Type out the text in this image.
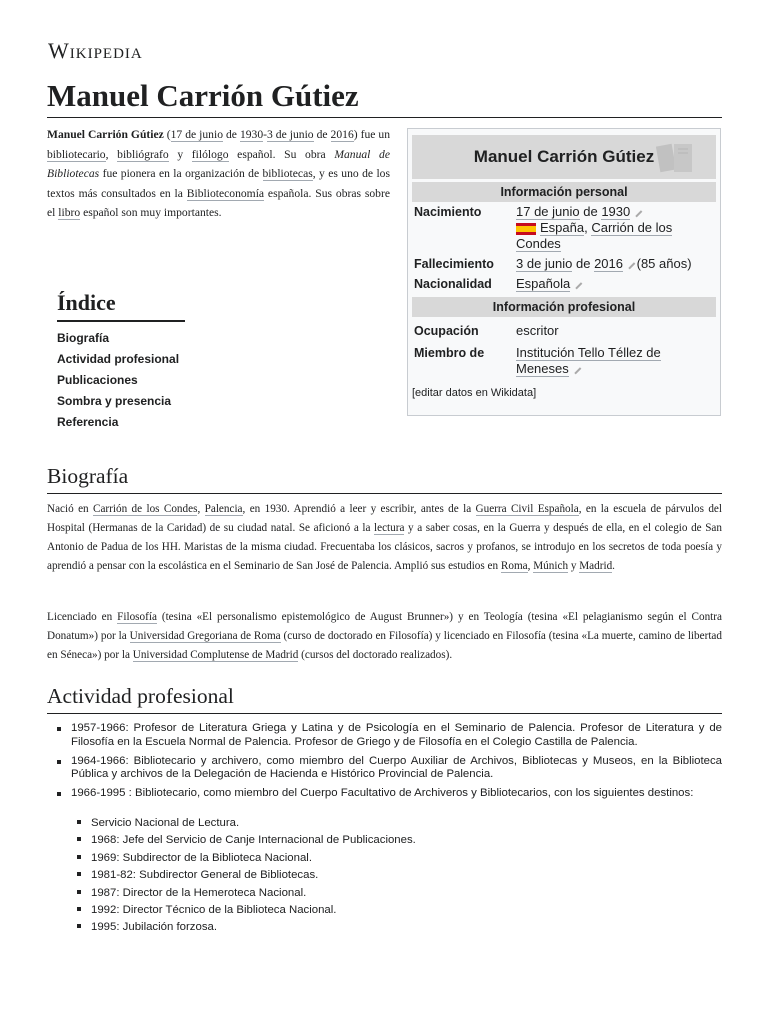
Wikipedia
Manuel Carrión Gútiez

Manuel Carrión Gútiez (17 de junio de 1930-3 de junio de 2016) fue un bibliotecario, bibliógrafo y filólogo español. Su obra Manual de Bibliotecas fue pionera en la organización de bibliotecas, y es uno de los textos más consultados en la Biblioteconomía española. Sus obras sobre el libro español son muy importantes.

Manuel Carrión Gútiez
Información personal
Nacimiento	17 de junio de 1930
España, Carrión de los Condes
Fallecimiento	3 de junio de 2016 (85 años)
Nacionalidad	Española
Información profesional
Ocupación	escritor
Miembro de	Institución Tello Téllez de Meneses
[editar datos en Wikidata]
Índice
Biografía
Actividad profesional
Publicaciones
Sombra y presencia
Referencia
Biografía

Nació en Carrión de los Condes, Palencia, en 1930. Aprendió a leer y escribir, antes de la Guerra Civil Española, en la escuela de párvulos del Hospital (Hermanas de la Caridad) de su ciudad natal. Se aficionó a la lectura y a saber cosas, en la Guerra y después de ella, en el colegio de San Antonio de Padua de los HH. Maristas de la misma ciudad. Frecuentaba los clásicos, sacros y profanos, se introdujo en los secretos de toda poesía y aprendió a pensar con la escolástica en el Seminario de San José de Palencia. Amplió sus estudios en Roma, Múnich y Madrid.

Licenciado en Filosofía (tesina «El personalismo epistemológico de August Brunner») y en Teología (tesina «El pelagianismo según el Contra Donatum») por la Universidad Gregoriana de Roma (curso de doctorado en Filosofía) y licenciado en Filosofía (tesina «La muerte, camino de libertad en Séneca») por la Universidad Complutense de Madrid (cursos del doctorado realizados).

Actividad profesional
1957-1966: Profesor de Literatura Griega y Latina y de Psicología en el Seminario de Palencia. Profesor de Literatura y de Filosofía en la Escuela Normal de Palencia. Profesor de Griego y de Filosofía en el Colegio Castilla de Palencia.
1964-1966: Bibliotecario y archivero, como miembro del Cuerpo Auxiliar de Archivos, Bibliotecas y Museos, en la Biblioteca Pública y archivos de la Delegación de Hacienda e Histórico Provincial de Palencia.
1966-1995 : Bibliotecario, como miembro del Cuerpo Facultativo de Archiveros y Bibliotecarios, con los siguientes destinos:
Servicio Nacional de Lectura.
1968: Jefe del Servicio de Canje Internacional de Publicaciones.
1969: Subdirector de la Biblioteca Nacional.
1981-82: Subdirector General de Bibliotecas.
1987: Director de la Hemeroteca Nacional.
1992: Director Técnico de la Biblioteca Nacional.
1995: Jubilación forzosa.
